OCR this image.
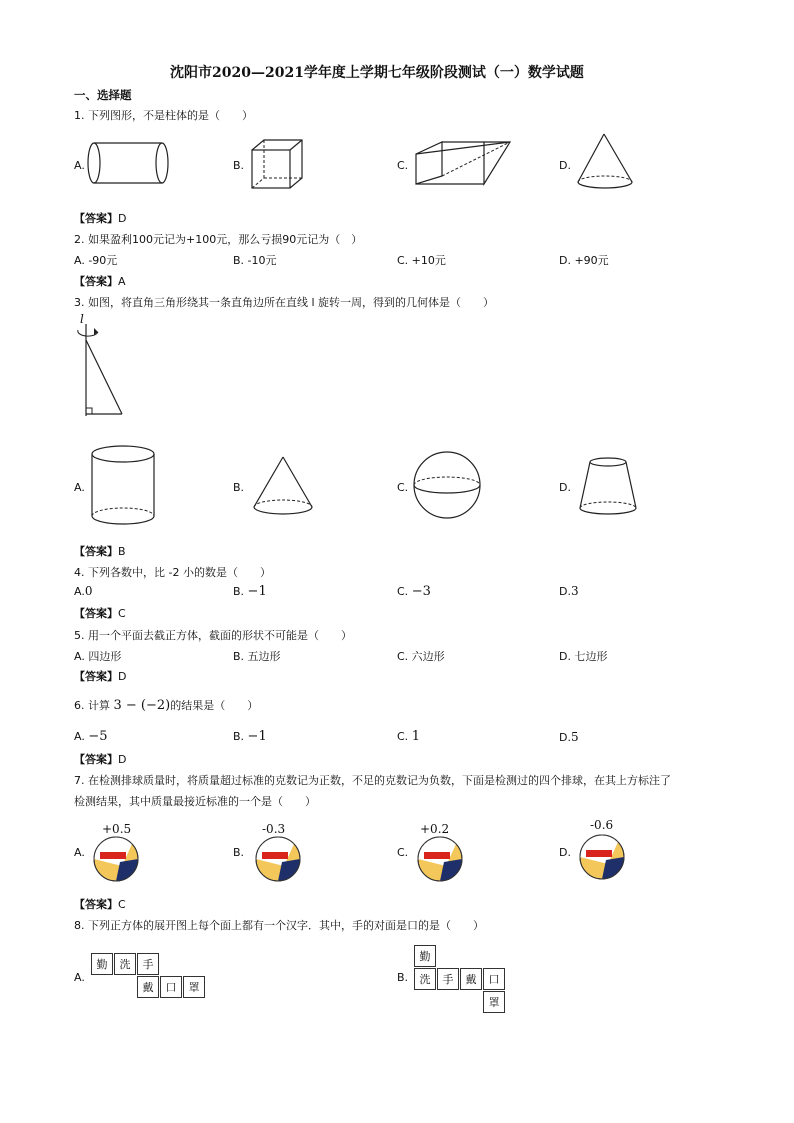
沈阳市2020—2021学年度上学期七年级阶段测试（一）数学试题
一、选择题
1. 下列图形，不是柱体的是（　　）
A.	B.	C.	D.
【答案】D
2. 如果盈利100元记为+100元，那么亏损90元记为（　）
A. -90元	B. -10元	C. +10元	D. +90元
【答案】A
3. 如图，将直角三角形绕其一条直角边所在直线 l 旋转一周，得到的几何体是（　　）
l
A.	B.	C.	D.
【答案】B
4. 下列各数中，比 -2 小的数是（　　）
A.0	B. −1	C. −3	D.3
【答案】C
5. 用一个平面去截正方体，截面的形状不可能是（　　）
A. 四边形	B. 五边形	C. 六边形	D. 七边形
【答案】D
6. 计算 3 − (−2)的结果是（　　）
A. −5	B. −1	C. 1	D.5
【答案】D
7. 在检测排球质量时，将质量超过标准的克数记为正数，不足的克数记为负数，下面是检测过的四个排球，在其上方标注了
检测结果，其中质量最接近标准的一个是（　　）
A.
+0.5
B.
-0.3
C.
+0.2
D.
-0.6
【答案】C
8. 下列正方体的展开图上每个面上都有一个汉字．其中，手的对面是口的是（　　）
A.
勤	洗	手
戴	口	罩
B.
勤
洗	手	戴	口
罩
